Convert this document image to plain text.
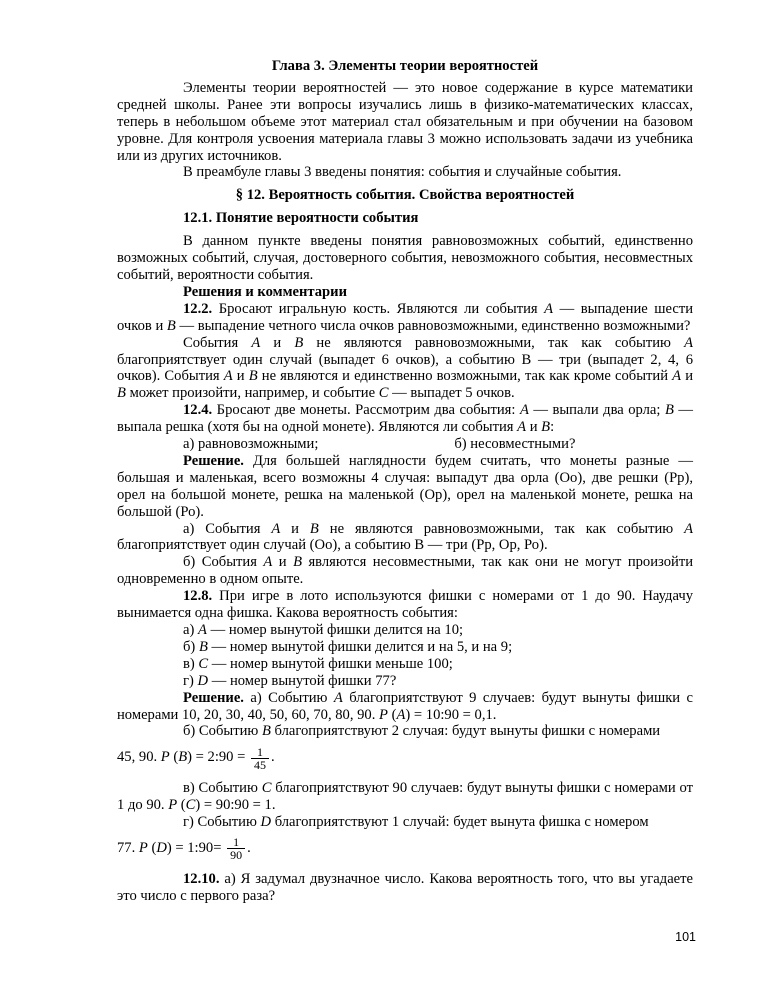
Глава 3. Элементы теории вероятностей

Элементы теории вероятностей — это новое содержание в курсе математики средней школы. Ранее эти вопросы изучались лишь в физико-математических классах, теперь в небольшом объеме этот материал стал обязательным и при обучении на базовом уровне. Для контроля усвоения материала главы 3 можно использовать задачи из учебника или из других источников.

В преамбуле главы 3 введены понятия: события и случайные события.

§ 12. Вероятность события. Свойства вероятностей

12.1. Понятие вероятности события

В данном пункте введены понятия равновозможных событий, единственно возможных событий, случая, достоверного события, невозможного события, несовместных событий, вероятности события.

Решения и комментарии

12.2. Бросают игральную кость. Являются ли события A — выпадение шести очков и B — выпадение четного числа очков равновозможными, единственно возможными?

События A и B не являются равновозможными, так как событию A благоприятствует один случай (выпадет 6 очков), а событию В — три (выпадет 2, 4, 6 очков). События A и B не являются и единственно возможными, так как кроме событий A и B может произойти, например, и событие C — выпадет 5 очков.

12.4. Бросают две монеты. Рассмотрим два события: A — выпали два орла; B — выпала решка (хотя бы на одной монете). Являются ли события A и B:

а) равновозможными;	б) несовместными?

Решение. Для большей наглядности будем считать, что монеты разные — большая и маленькая, всего возможны 4 случая: выпадут два орла (Оо), две решки (Рр), орел на большой монете, решка на маленькой (Ор), орел на маленькой монете, решка на большой (Ро).

а) События A и B не являются равновозможными, так как событию A благоприятствует один случай (Оо), а событию В — три (Рр, Ор, Ро).

б) События A и B являются несовместными, так как они не могут произойти одновременно в одном опыте.

12.8. При игре в лото используются фишки с номерами от 1 до 90. Наудачу вынимается одна фишка. Какова вероятность события:

а) A — номер вынутой фишки делится на 10;

б) B — номер вынутой фишки делится и на 5, и на 9;

в) C — номер вынутой фишки меньше 100;

г) D — номер вынутой фишки 77?

Решение. а) Событию A благоприятствуют 9 случаев: будут вынуты фишки с номерами 10, 20, 30, 40, 50, 60, 70, 80, 90. P (A) = 10:90 = 0,1.

б) Событию B благоприятствуют 2 случая: будут вынуты фишки с номерами

45, 90. P (B) = 2:90 = $\frac{1}{45}$ .

в) Событию C благоприятствуют 90 случаев: будут вынуты фишки с номерами от 1 до 90. P (C) = 90:90 = 1.

г) Событию D благоприятствуют 1 случай: будет вынута фишка с номером

77. P (D) = 1:90= $\frac{1}{90}$ .

12.10. а) Я задумал двузначное число. Какова вероятность того, что вы угадаете это число с первого раза?

101
